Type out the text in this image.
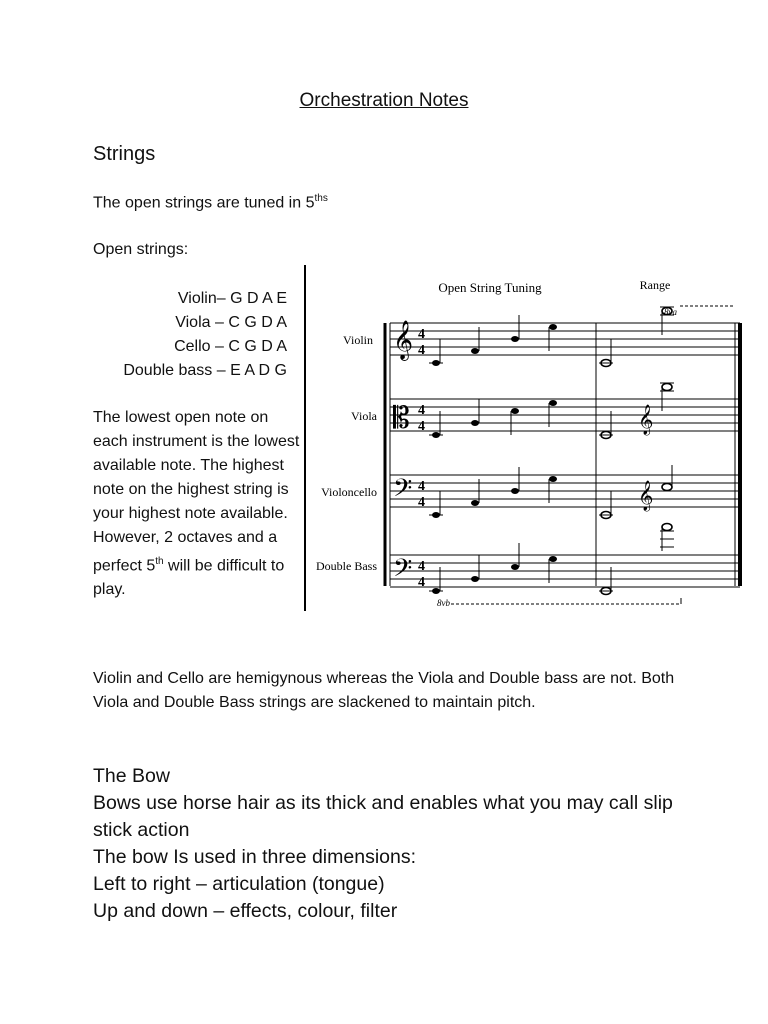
Orchestration Notes
Strings
The open strings are tuned in $5^{ths}$
Open strings:
Violin– G D A E
Viola – C G D A
Cello – C G D A
Double bass – E A D G
The lowest open note on each instrument is the lowest available note. The highest note on the highest string is your highest note available.
However, 2 octaves and a perfect 5th will be difficult to play.
Violin and Cello are hemigynous whereas the Viola and Double bass are not. Both Viola and Double Bass strings are slackened to maintain pitch.
The Bow
Bows use horse hair as its thick and enables what you may call slip stick action
The bow Is used in three dimensions:
Left to right – articulation (tongue)
Up and down – effects, colour, filter
Open String Tuning	Range
8va
8vb
Violin 𝄞 4
4
Viola 𝄡 4
4	𝄞
Violoncello 𝄢 4
4	𝄞
Double Bass 𝄢 4
4
